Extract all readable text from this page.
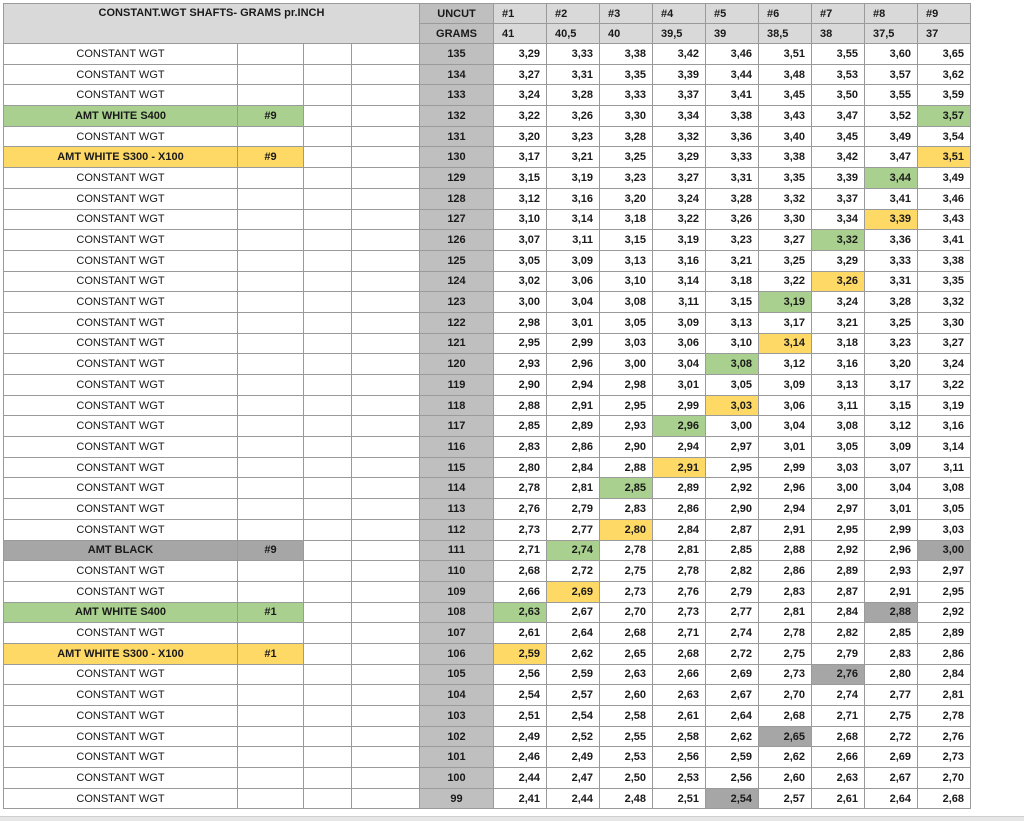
CONSTANT.WGT SHAFTS- GRAMS pr.INCH				UNCUT	#1	#2	#3	#4	#5	#6	#7	#8	#9
				GRAMS	41	40,5	40	39,5	39	38,5	38	37,5	37
CONSTANT WGT				135	3,29	3,33	3,38	3,42	3,46	3,51	3,55	3,60	3,65
CONSTANT WGT				134	3,27	3,31	3,35	3,39	3,44	3,48	3,53	3,57	3,62
CONSTANT WGT				133	3,24	3,28	3,33	3,37	3,41	3,45	3,50	3,55	3,59
AMT WHITE S400	#9			132	3,22	3,26	3,30	3,34	3,38	3,43	3,47	3,52	3,57
CONSTANT WGT				131	3,20	3,23	3,28	3,32	3,36	3,40	3,45	3,49	3,54
AMT WHITE S300 - X100	#9			130	3,17	3,21	3,25	3,29	3,33	3,38	3,42	3,47	3,51
CONSTANT WGT				129	3,15	3,19	3,23	3,27	3,31	3,35	3,39	3,44	3,49
CONSTANT WGT				128	3,12	3,16	3,20	3,24	3,28	3,32	3,37	3,41	3,46
CONSTANT WGT				127	3,10	3,14	3,18	3,22	3,26	3,30	3,34	3,39	3,43
CONSTANT WGT				126	3,07	3,11	3,15	3,19	3,23	3,27	3,32	3,36	3,41
CONSTANT WGT				125	3,05	3,09	3,13	3,16	3,21	3,25	3,29	3,33	3,38
CONSTANT WGT				124	3,02	3,06	3,10	3,14	3,18	3,22	3,26	3,31	3,35
CONSTANT WGT				123	3,00	3,04	3,08	3,11	3,15	3,19	3,24	3,28	3,32
CONSTANT WGT				122	2,98	3,01	3,05	3,09	3,13	3,17	3,21	3,25	3,30
CONSTANT WGT				121	2,95	2,99	3,03	3,06	3,10	3,14	3,18	3,23	3,27
CONSTANT WGT				120	2,93	2,96	3,00	3,04	3,08	3,12	3,16	3,20	3,24
CONSTANT WGT				119	2,90	2,94	2,98	3,01	3,05	3,09	3,13	3,17	3,22
CONSTANT WGT				118	2,88	2,91	2,95	2,99	3,03	3,06	3,11	3,15	3,19
CONSTANT WGT				117	2,85	2,89	2,93	2,96	3,00	3,04	3,08	3,12	3,16
CONSTANT WGT				116	2,83	2,86	2,90	2,94	2,97	3,01	3,05	3,09	3,14
CONSTANT WGT				115	2,80	2,84	2,88	2,91	2,95	2,99	3,03	3,07	3,11
CONSTANT WGT				114	2,78	2,81	2,85	2,89	2,92	2,96	3,00	3,04	3,08
CONSTANT WGT				113	2,76	2,79	2,83	2,86	2,90	2,94	2,97	3,01	3,05
CONSTANT WGT				112	2,73	2,77	2,80	2,84	2,87	2,91	2,95	2,99	3,03
AMT BLACK	#9			111	2,71	2,74	2,78	2,81	2,85	2,88	2,92	2,96	3,00
CONSTANT WGT				110	2,68	2,72	2,75	2,78	2,82	2,86	2,89	2,93	2,97
CONSTANT WGT				109	2,66	2,69	2,73	2,76	2,79	2,83	2,87	2,91	2,95
AMT WHITE S400	#1			108	2,63	2,67	2,70	2,73	2,77	2,81	2,84	2,88	2,92
CONSTANT WGT				107	2,61	2,64	2,68	2,71	2,74	2,78	2,82	2,85	2,89
AMT WHITE S300 - X100	#1			106	2,59	2,62	2,65	2,68	2,72	2,75	2,79	2,83	2,86
CONSTANT WGT				105	2,56	2,59	2,63	2,66	2,69	2,73	2,76	2,80	2,84
CONSTANT WGT				104	2,54	2,57	2,60	2,63	2,67	2,70	2,74	2,77	2,81
CONSTANT WGT				103	2,51	2,54	2,58	2,61	2,64	2,68	2,71	2,75	2,78
CONSTANT WGT				102	2,49	2,52	2,55	2,58	2,62	2,65	2,68	2,72	2,76
CONSTANT WGT				101	2,46	2,49	2,53	2,56	2,59	2,62	2,66	2,69	2,73
CONSTANT WGT				100	2,44	2,47	2,50	2,53	2,56	2,60	2,63	2,67	2,70
CONSTANT WGT				99	2,41	2,44	2,48	2,51	2,54	2,57	2,61	2,64	2,68
